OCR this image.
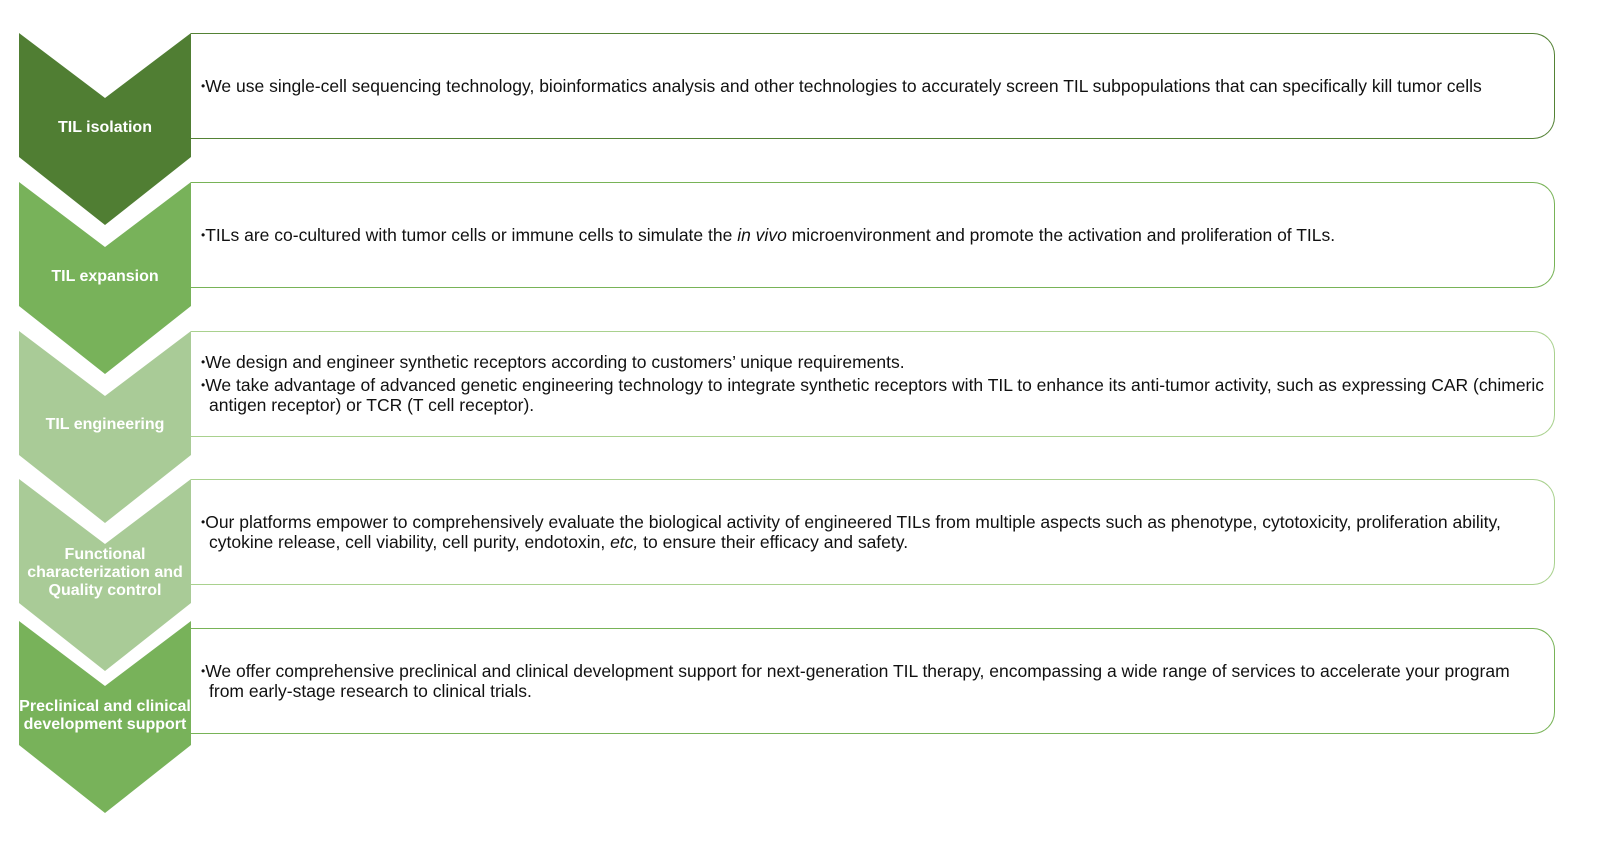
TIL isolation
•We use single-cell sequencing technology, bioinformatics analysis and other technologies to accurately screen TIL subpopulations that can specifically kill tumor cells
TIL expansion
•TILs are co-cultured with tumor cells or immune cells to simulate the in vivo microenvironment and promote the activation and proliferation of TILs.
TIL engineering
•We design and engineer synthetic receptors according to customers’ unique requirements.
•We take advantage of advanced genetic engineering technology to integrate synthetic receptors with TIL to enhance its anti-tumor activity, such as expressing CAR (chimeric antigen receptor) or TCR (T cell receptor).
Functional characterization and Quality control
•Our platforms empower to comprehensively evaluate the biological activity of engineered TILs from multiple aspects such as phenotype, cytotoxicity, proliferation ability, cytokine release, cell viability, cell purity, endotoxin, etc, to ensure their efficacy and safety.
Preclinical and clinical development support
•We offer comprehensive preclinical and clinical development support for next-generation TIL therapy, encompassing a wide range of services to accelerate your program from early-stage research to clinical trials.
